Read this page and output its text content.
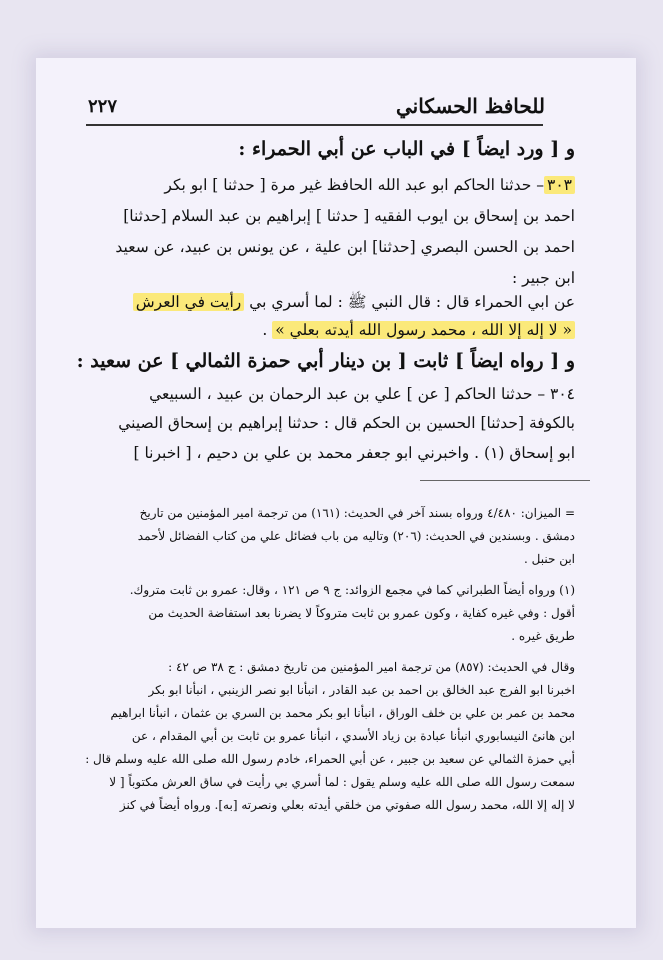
للحافظ الحسكاني
٢٢٧
و [ ورد ايضاً ] في الباب عن أبي الحمراء :
٣٠٣– حدثنا الحاكم ابو عبد الله الحافظ غير مرة [ حدثنا ] ابو بكر
احمد بن إسحاق بن ايوب الفقيه [ حدثنا ] إبراهيم بن عبد السلام [حدثنا]
احمد بن الحسن البصري [حدثنا] ابن علية ، عن يونس بن عبيد، عن سعيد
ابن جبير :
عن ابي الحمراء قال : قال النبي ﷺ : لما أسري بي رأيت في العرش
« لا إله إلا الله ، محمد رسول الله أيدته بعلي » .
و [ رواه ايضاً ] ثابت [ بن دينار أبي حمزة الثمالي ] عن سعيد :
٣٠٤ – حدثنا الحاكم [ عن ] علي بن عبد الرحمان بن عبيد ، السبيعي
بالكوفة [حدثنا] الحسين بن الحكم قال : حدثنا إبراهيم بن إسحاق الصيني
ابو إسحاق (١) . واخبرني ابو جعفر محمد بن علي بن دحيم ، [ اخبرنا ]
= الميزان: ٤/٤٨٠ ورواه بسند آخر في الحديث: (١٦١) من ترجمة امير المؤمنين من تاريخ
دمشق . وبسندين في الحديث: (٢٠٦) وتاليه من باب فضائل علي من كتاب الفضائل لأحمد
ابن حنبل .
(١) ورواه أيضاً الطبراني كما في مجمع الزوائد: ج ٩ ص ١٢١ ، وقال: عمرو بن ثابت متروك.
أقول : وفي غيره كفاية ، وكون عمرو بن ثابت متروكاً لا يضرنا بعد استفاضة الحديث من
طريق غيره .
وقال في الحديث: (٨٥٧) من ترجمة امير المؤمنين من تاريخ دمشق : ج ٣٨ ص ٤٢ :
اخبرنا ابو الفرج عبد الخالق بن احمد بن عبد القادر ، انبأنا ابو نصر الزينبي ، انبأنا ابو بكر
محمد بن عمر بن علي بن خلف الوراق ، انبأنا ابو بكر محمد بن السري بن عثمان ، انبأنا ابراهيم
ابن هانئ النيسابوري انبأنا عبادة بن زياد الأسدي ، انبأنا عمرو بن ثابت بن أبي المقدام ، عن
أبي حمزة الثمالي عن سعيد بن جبير ، عن أبي الحمراء، خادم رسول الله صلى الله عليه وسلم قال :
سمعت رسول الله صلى الله عليه وسلم يقول : لما أسري بي رأيت في ساق العرش مكتوباً [ لا
لا إله إلا الله، محمد رسول الله صفوتي من خلقي أيدته بعلي ونصرته [به]. ورواه أيضاً في كنز
